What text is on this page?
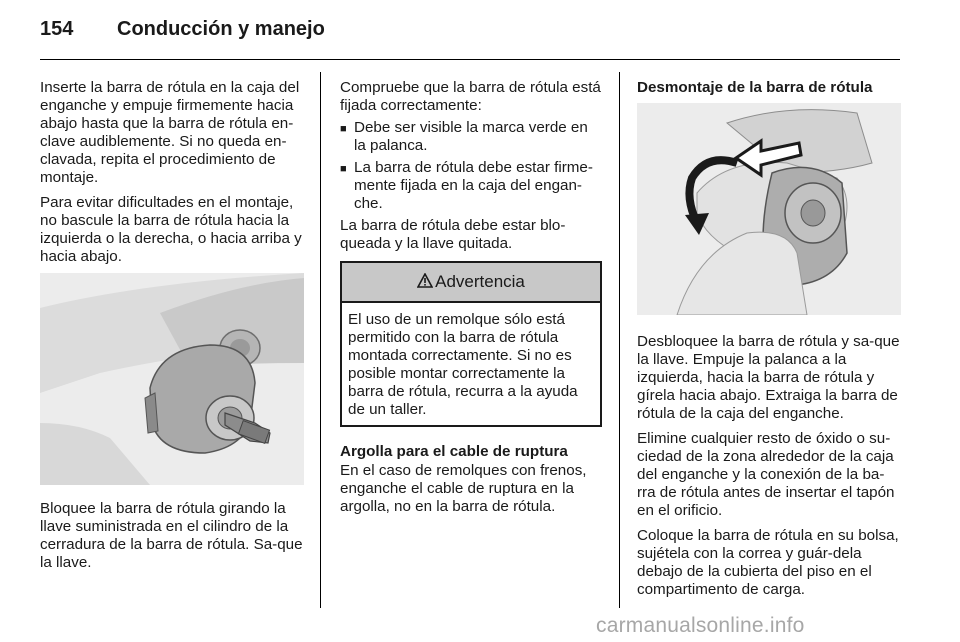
154 Conducción y manejo

Inserte la barra de rótula en la caja del enganche y empuje firmemente hacia abajo hasta que la barra de rótula en-clave audiblemente. Si no queda en-clavada, repita el procedimiento de montaje.

Para evitar dificultades en el montaje, no bascule la barra de rótula hacia la izquierda o la derecha, o hacia arriba y hacia abajo.

Bloquee la barra de rótula girando la llave suministrada en el cilindro de la cerradura de la barra de rótula. Sa-que la llave.

Compruebe que la barra de rótula está fijada correctamente:

■ Debe ser visible la marca verde en la palanca.
■ La barra de rótula debe estar firme-mente fijada en la caja del engan-che.

La barra de rótula debe estar blo-queada y la llave quitada.

Advertencia
El uso de un remolque sólo está permitido con la barra de rótula montada correctamente. Si no es posible montar correctamente la barra de rótula, recurra a la ayuda de un taller.
Argolla para el cable de ruptura

En el caso de remolques con frenos, enganche el cable de ruptura en la argolla, no en la barra de rótula.

Desmontaje de la barra de rótula

Desbloquee la barra de rótula y sa-que la llave. Empuje la palanca a la izquierda, hacia la barra de rótula y gírela hacia abajo. Extraiga la barra de rótula de la caja del enganche.

Elimine cualquier resto de óxido o su-ciedad de la zona alrededor de la caja del enganche y la conexión de la ba-rra de rótula antes de insertar el tapón en el orificio.

Coloque la barra de rótula en su bolsa, sujétela con la correa y guár-dela debajo de la cubierta del piso en el compartimento de carga.

carmanualsonline.info
